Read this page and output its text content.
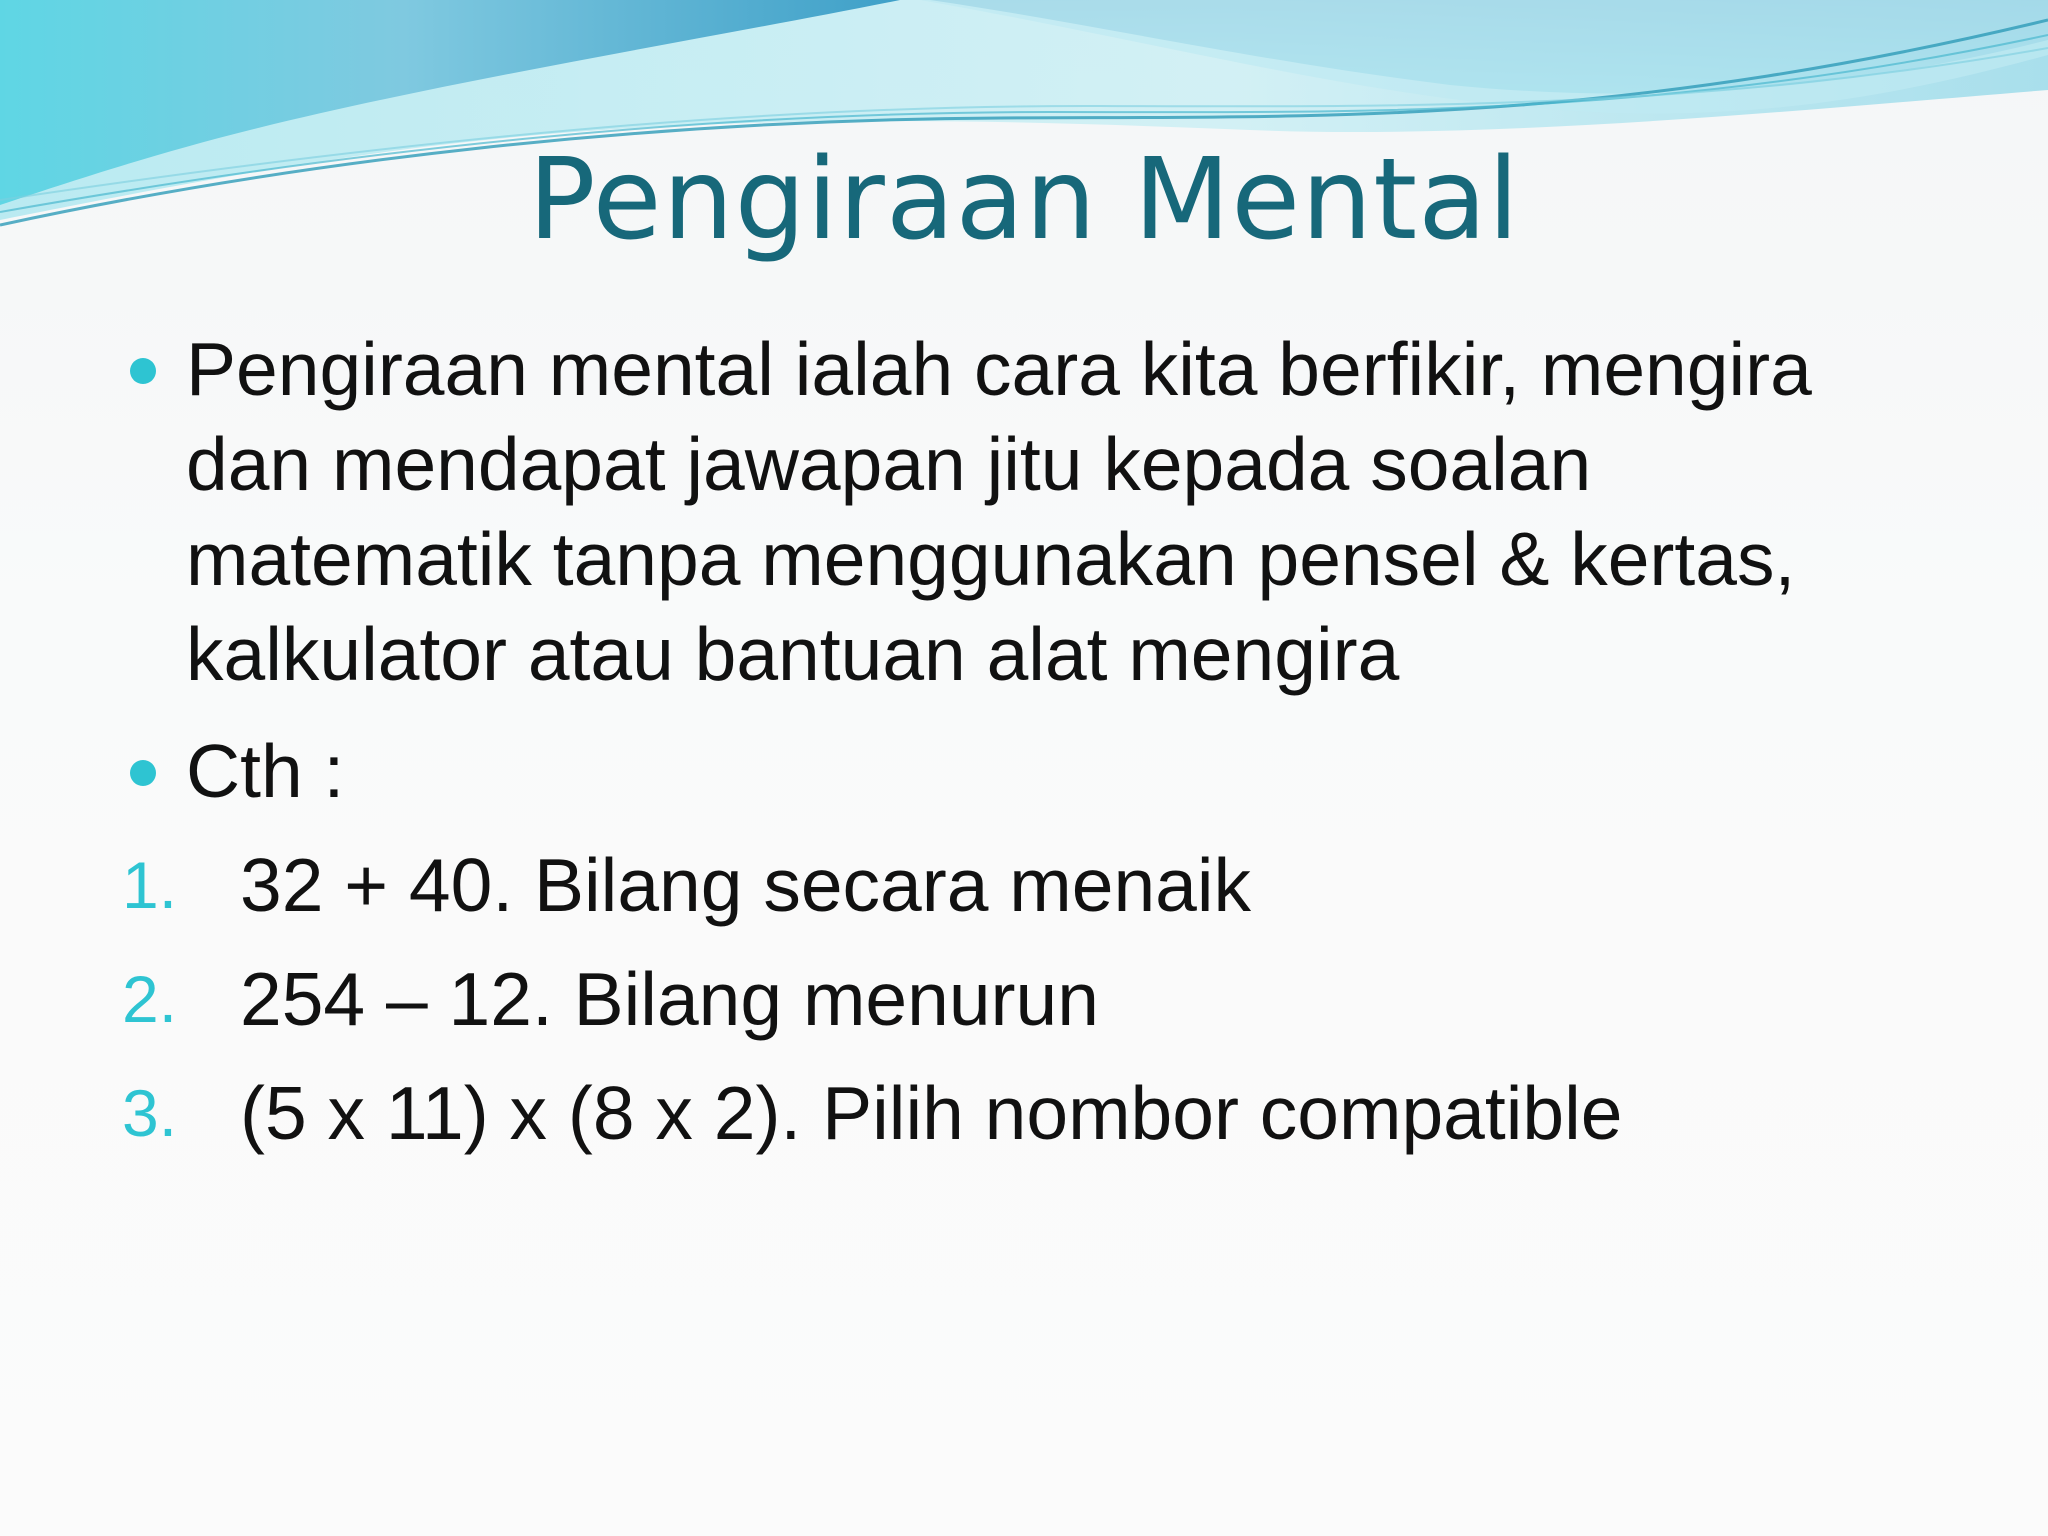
Pengiraan Mental
Pengiraan mental ialah cara kita berfikir, mengira dan mendapat jawapan jitu kepada soalan matematik tanpa menggunakan pensel & kertas, kalkulator atau bantuan alat mengira
Cth :
1. 32 + 40. Bilang secara menaik
2. 254 – 12. Bilang menurun
3. (5 x 11) x (8 x 2). Pilih nombor compatible
